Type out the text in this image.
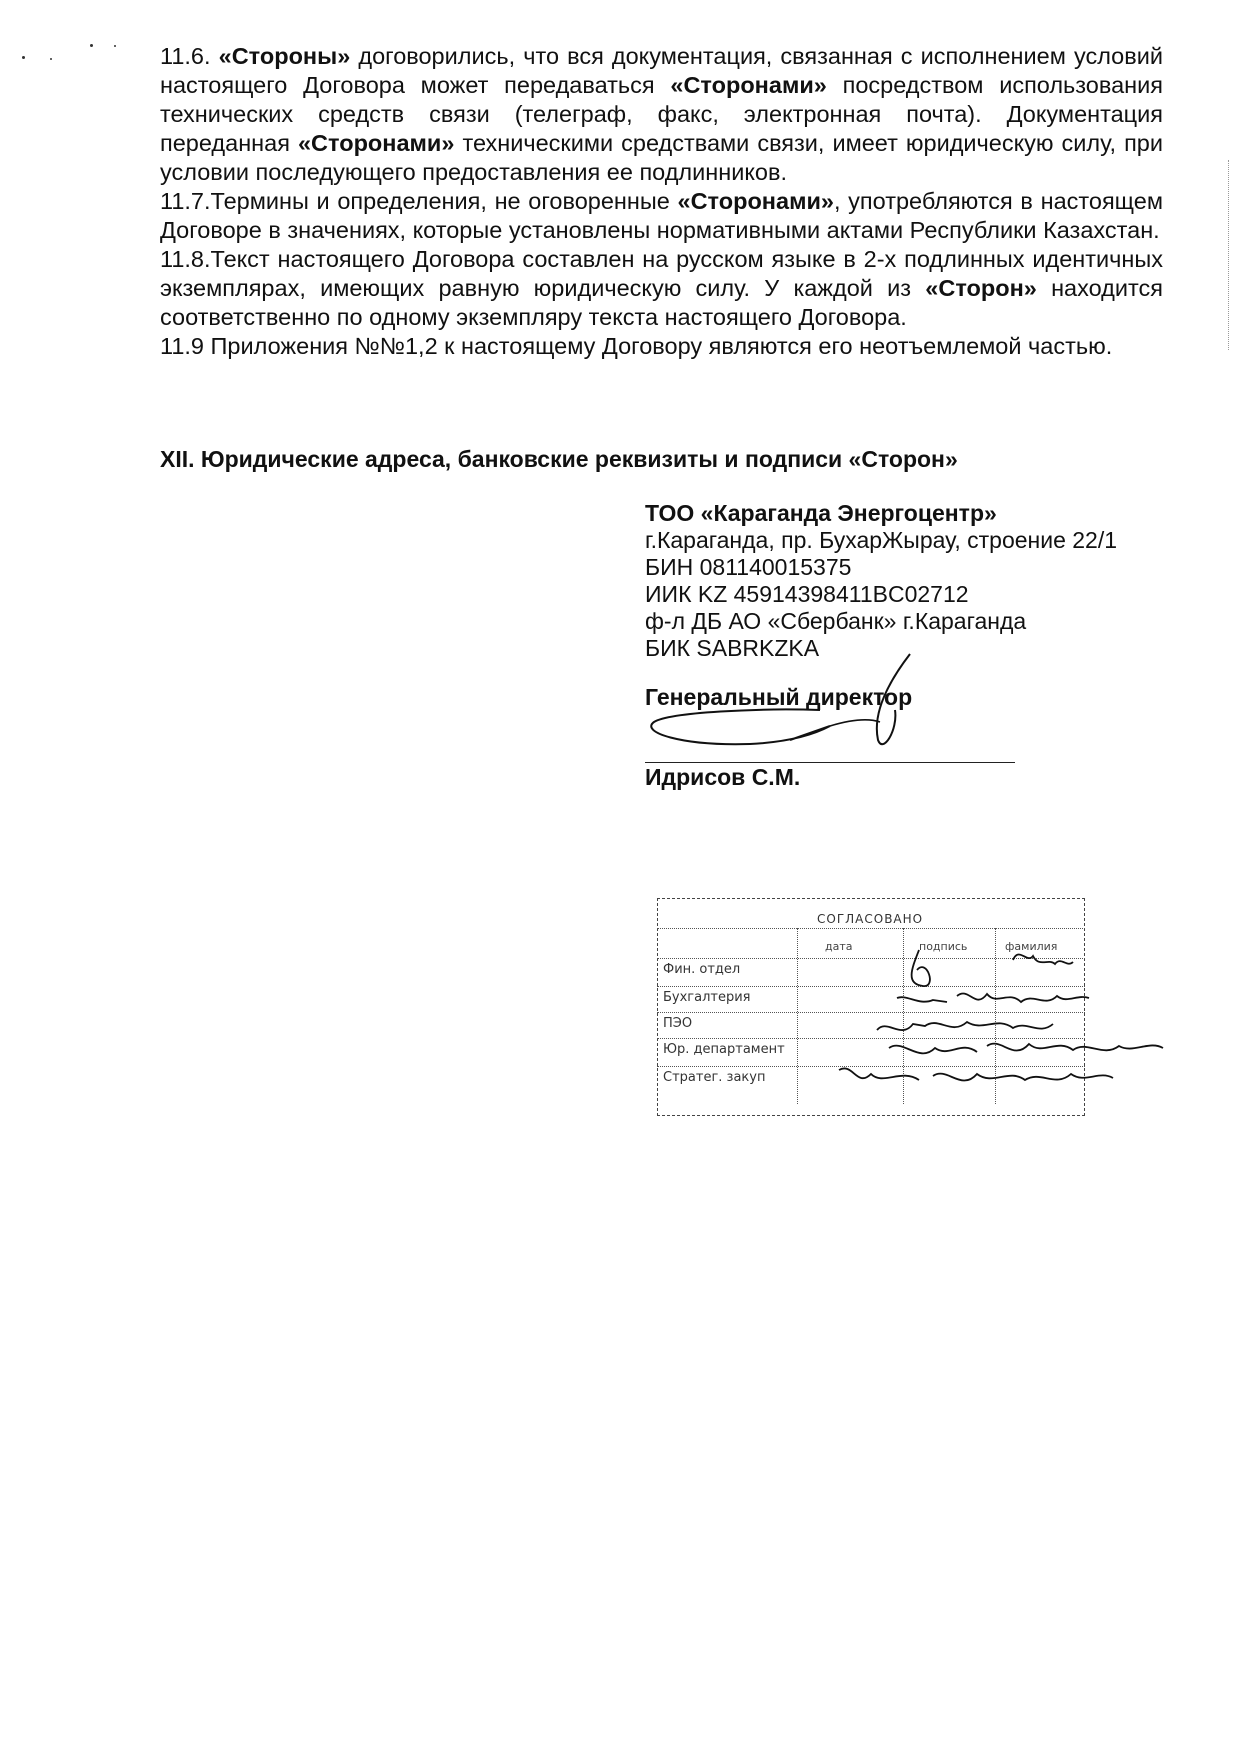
11.6. «Стороны» договорились, что вся документация, связанная с исполнением условий настоящего Договора может передаваться «Сторонами» посредством использования технических средств связи (телеграф, факс, электронная почта). Документация переданная «Сторонами» техническими средствами связи, имеет юридическую силу, при условии последующего предоставления ее подлинников.

11.7.Термины и определения, не оговоренные «Сторонами», употребляются в настоящем Договоре в значениях, которые установлены нормативными актами Республики Казахстан.

11.8.Текст настоящего Договора составлен на русском языке в 2-х подлинных идентичных экземплярах, имеющих равную юридическую силу. У каждой из «Сторон» находится соответственно по одному экземпляру текста настоящего Договора.

11.9 Приложения №№1,2 к настоящему Договору являются его неотъемлемой частью.

XII. Юридические адреса, банковские реквизиты и подписи «Сторон»
ТОО «Караганда Энергоцентр»
г.Караганда, пр. БухарЖырау, строение 22/1
БИН 081140015375
ИИК KZ 45914398411BC02712
ф-л ДБ АО «Сбербанк» г.Караганда
БИК SABRKZKA
Генеральный директор
Идрисов С.М.
СОГЛАСОВАНО
дата	подпись	фамилия
Фин. отдел
Бухгалтерия
ПЭО
Юр. департамент
Стратег. закуп
